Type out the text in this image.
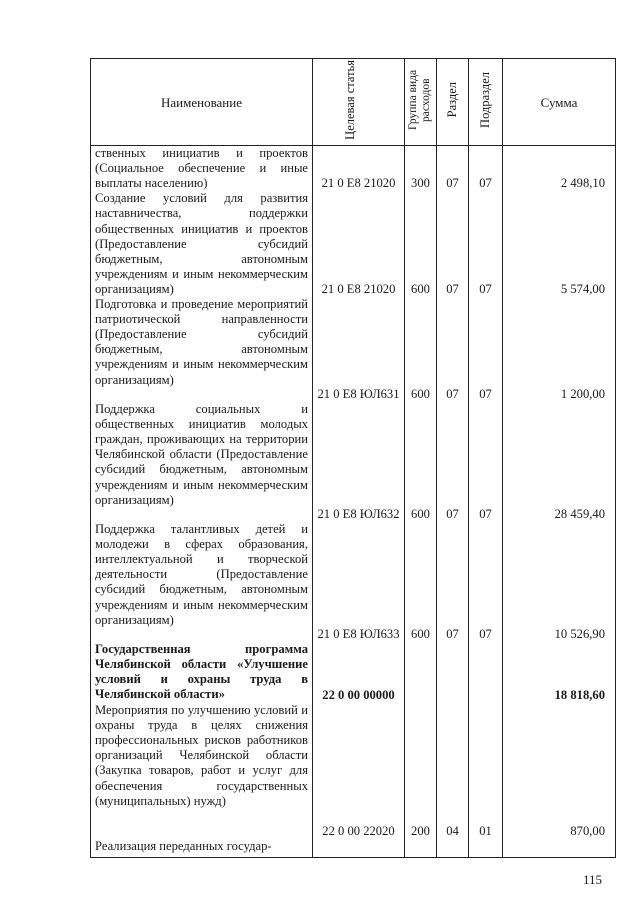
Наименование	Целевая статья	Группа вида расходов	Раздел	Подраздел	Сумма
ственных инициатив и проектов (Социальное обеспечение и иные выплаты населению)	21 0 Е8 21020	300	07	07	2 498,10
Создание условий для развития наставничества, поддержки общественных инициатив и проектов (Предоставление субсидий бюджетным, автономным учреждениям и иным некоммерческим организациям)	21 0 Е8 21020	600	07	07	5 574,00
Подготовка и проведение мероприятий патриотической направленности (Предоставление субсидий бюджетным, автономным учреждениям и иным некоммерческим организациям)	21 0 Е8 ЮЛ631	600	07	07	1 200,00
Поддержка социальных и общественных инициатив молодых граждан, проживающих на территории Челябинской области (Предоставление субсидий бюджетным, автономным учреждениям и иным некоммерческим организациям)	21 0 Е8 ЮЛ632	600	07	07	28 459,40
Поддержка талантливых детей и молодежи в сферах образования, интеллектуальной и творческой деятельности (Предоставление субсидий бюджетным, автономным учреждениям и иным некоммерческим организациям)	21 0 Е8 ЮЛ633	600	07	07	10 526,90
Государственная программа Челябинской области «Улучшение условий и охраны труда в Челябинской области»	22 0 00 00000				18 818,60
Мероприятия по улучшению условий и охраны труда в целях снижения профессиональных рисков работников организаций Челябинской области (Закупка товаров, работ и услуг для обеспечения государственных (муниципальных) нужд)	22 0 00 22020	200	04	01	870,00
Реализация переданных государ-					
115
